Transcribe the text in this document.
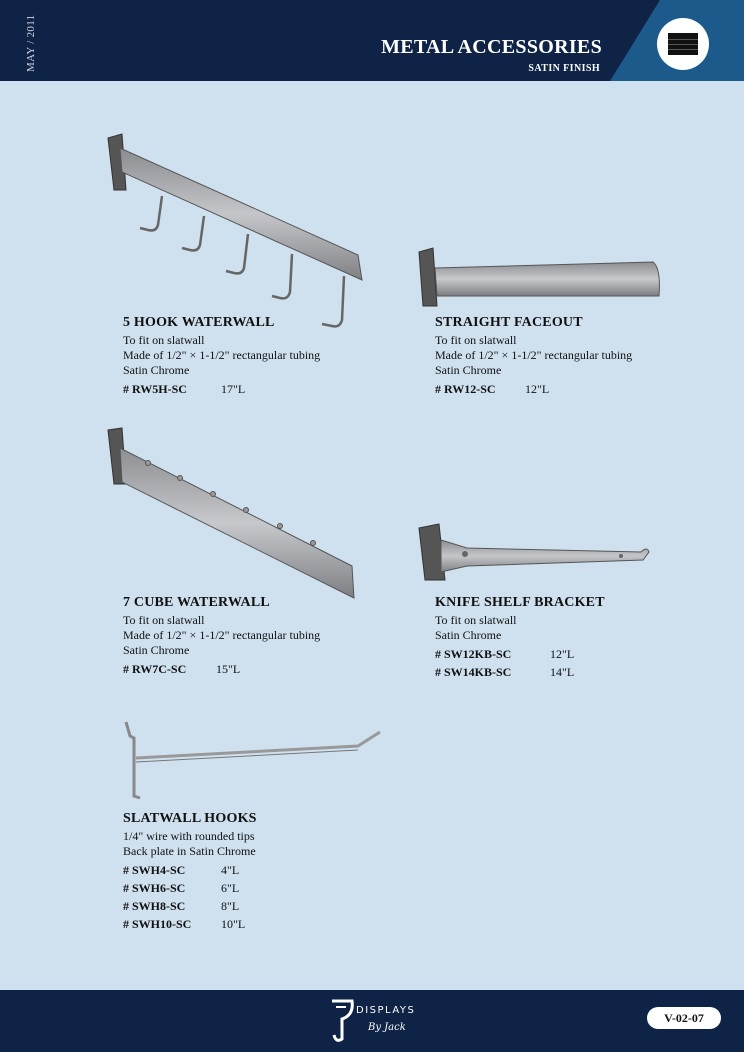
MAY / 2011	METAL ACCESSORIES
SATIN FINISH
5 HOOK WATERWALL
To fit on slatwall
Made of 1/2" × 1-1/2" rectangular tubing
Satin Chrome
# RW5H-SC	17"L
STRAIGHT FACEOUT
To fit on slatwall
Made of 1/2" × 1-1/2" rectangular tubing
Satin Chrome
# RW12-SC	12"L
7 CUBE WATERWALL
To fit on slatwall
Made of 1/2" × 1-1/2" rectangular tubing
Satin Chrome
# RW7C-SC	15"L
KNIFE SHELF BRACKET
To fit on slatwall
Satin Chrome
# SW12KB-SC	12"L
# SW14KB-SC	14"L
SLATWALL HOOKS
1/4" wire with rounded tips
Back plate in Satin Chrome
# SWH4-SC	4"L
# SWH6-SC	6"L
# SWH8-SC	8"L
# SWH10-SC	10"L
DISPLAYS
By Jack
V-02-07
